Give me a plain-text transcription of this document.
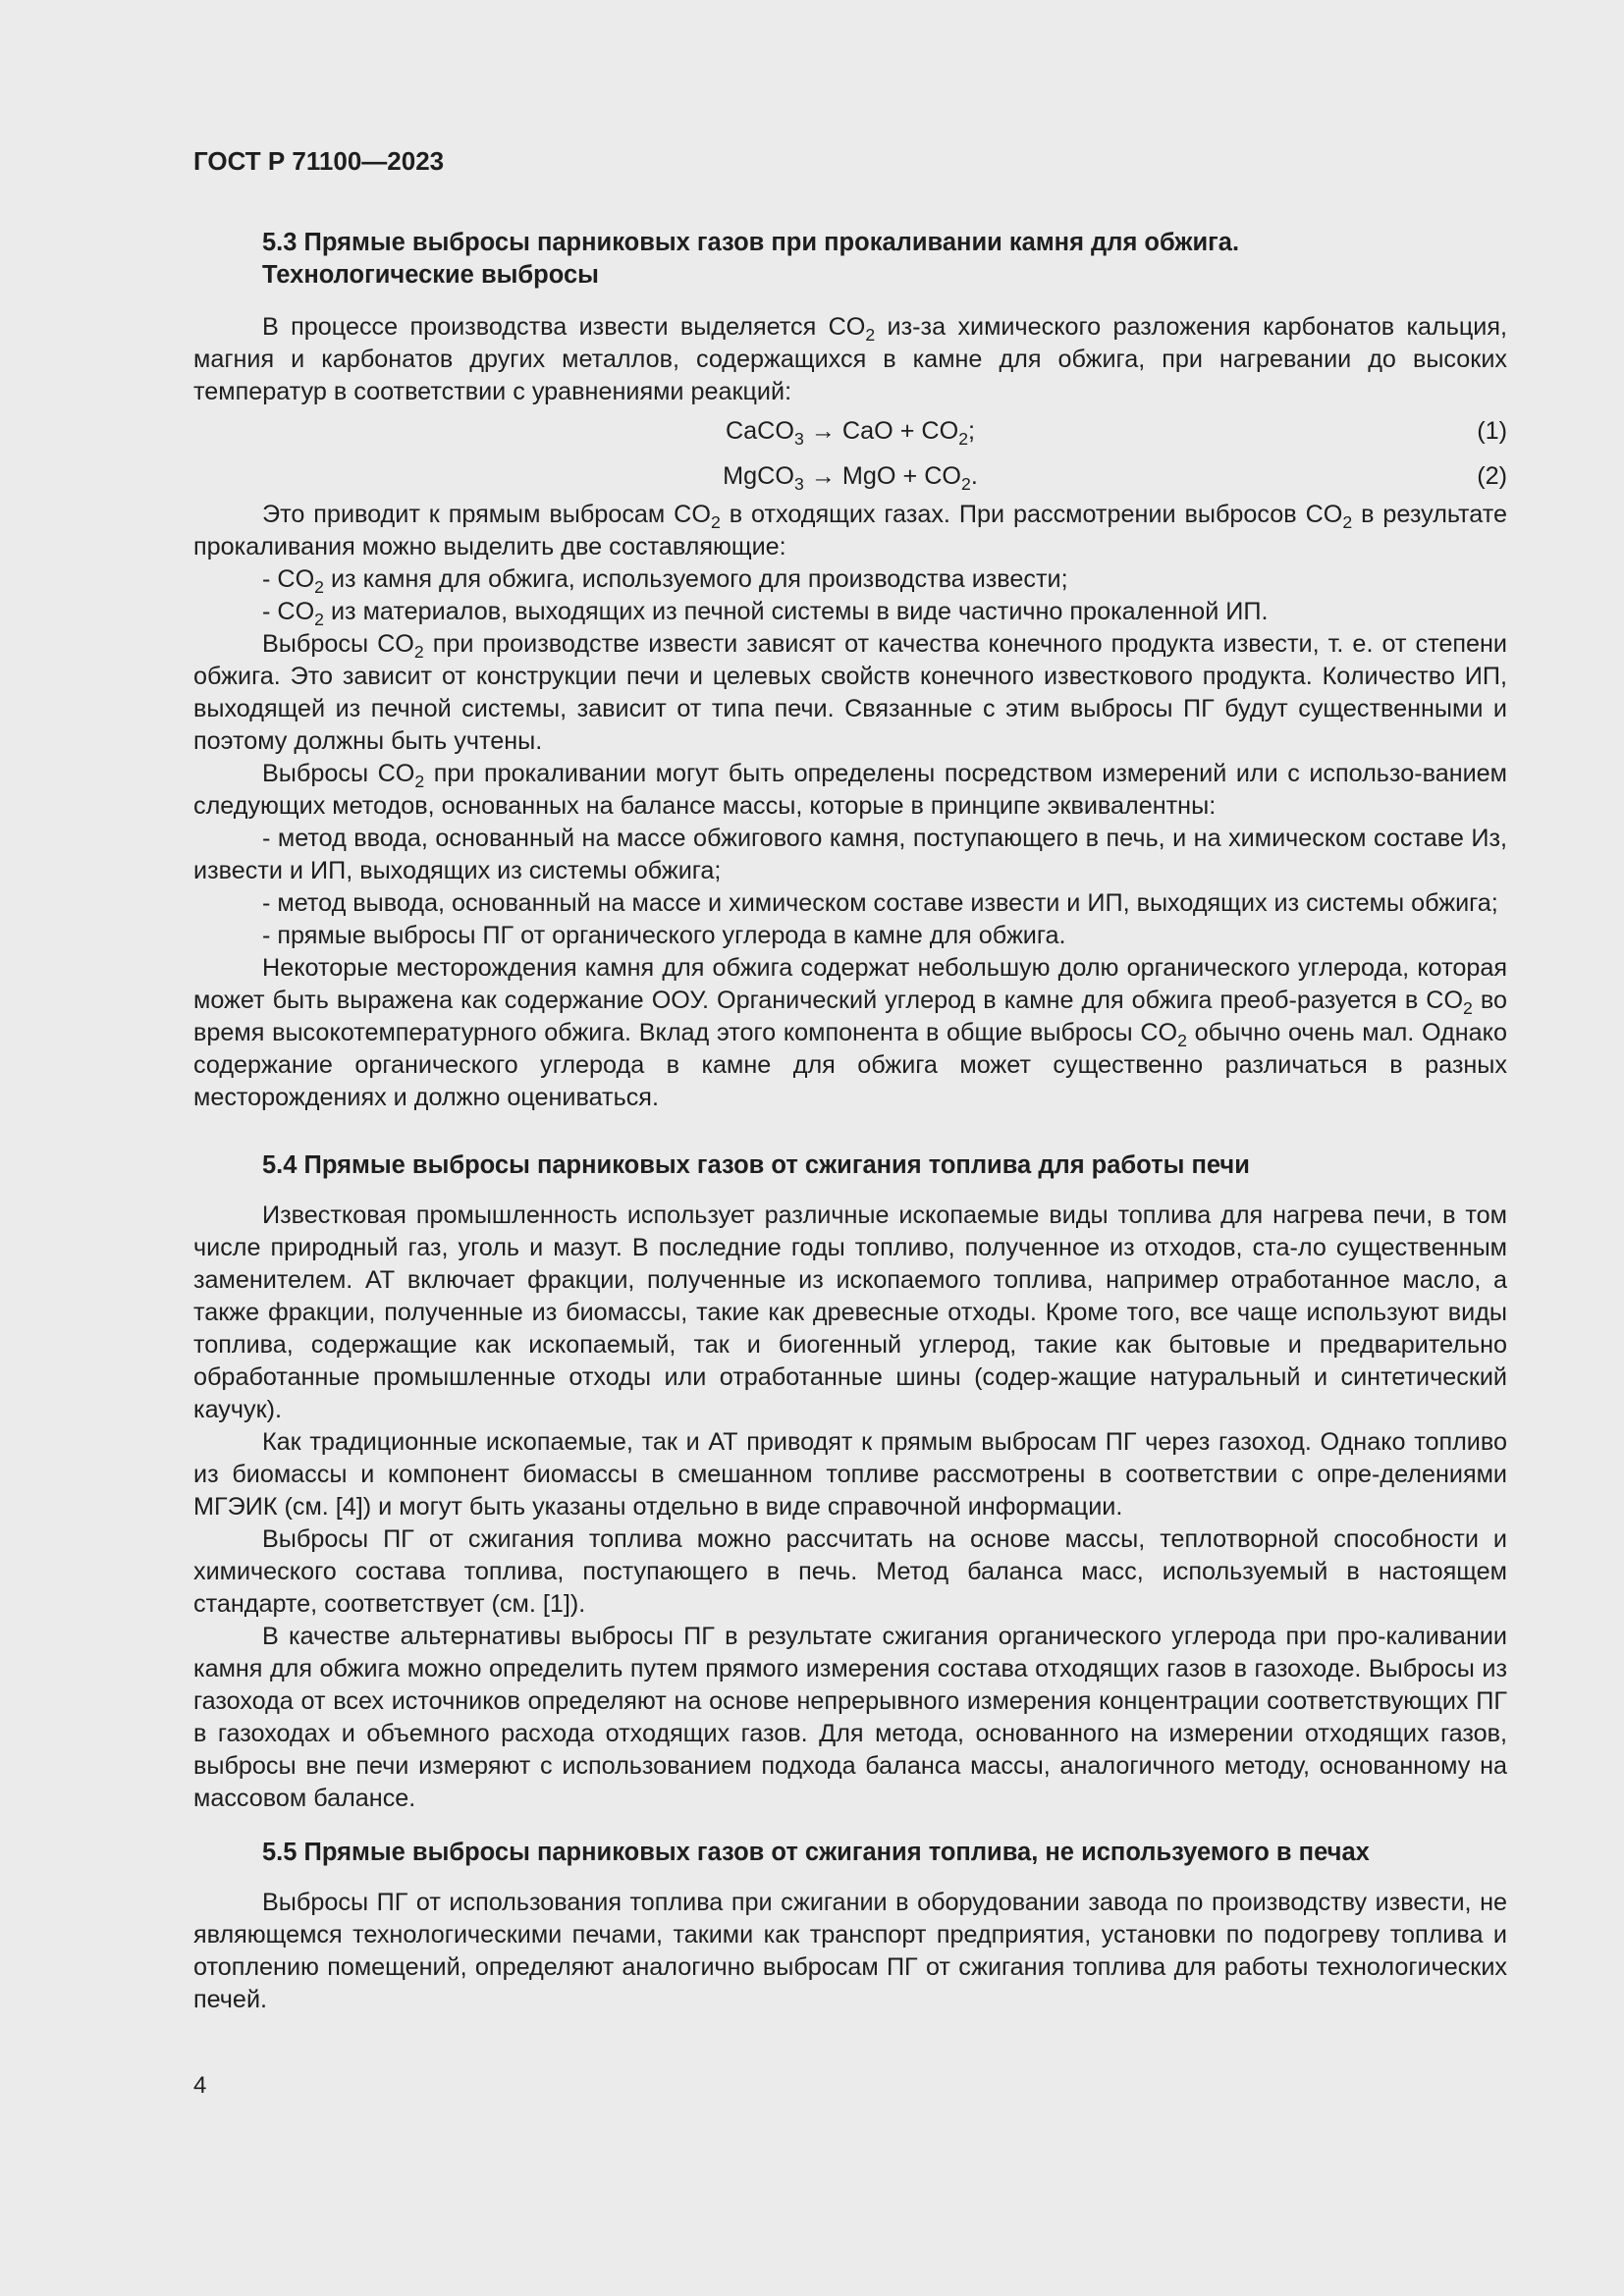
ГОСТ Р 71100—2023
5.3 Прямые выбросы парниковых газов при прокаливании камня для обжига.
Технологические выбросы

В процессе производства извести выделяется $CO_2$ из-за химического разложения карбонатов кальция, магния и карбонатов других металлов, содержащихся в камне для обжига, при нагревании до высоких температур в соответствии с уравнениями реакций:

CaCO$_3$ → CaO + $CO_2$;	(1)
MgCO$_3$ → MgO + $CO_2$.	(2)

Это приводит к прямым выбросам $CO_2$ в отходящих газах. При рассмотрении выбросов $CO_2$ в результате прокаливания можно выделить две составляющие:

- $CO_2$ из камня для обжига, используемого для производства извести;

- $CO_2$ из материалов, выходящих из печной системы в виде частично прокаленной ИП.

Выбросы $CO_2$ при производстве извести зависят от качества конечного продукта извести, т. е. от степени обжига. Это зависит от конструкции печи и целевых свойств конечного известкового продукта. Количество ИП, выходящей из печной системы, зависит от типа печи. Связанные с этим выбросы ПГ будут существенными и поэтому должны быть учтены.

Выбросы $CO_2$ при прокаливании могут быть определены посредством измерений или с использо-ванием следующих методов, основанных на балансе массы, которые в принципе эквивалентны:

- метод ввода, основанный на массе обжигового камня, поступающего в печь, и на химическом составе Из, извести и ИП, выходящих из системы обжига;

- метод вывода, основанный на массе и химическом составе извести и ИП, выходящих из системы обжига;

- прямые выбросы ПГ от органического углерода в камне для обжига.

Некоторые месторождения камня для обжига содержат небольшую долю органического углерода, которая может быть выражена как содержание ООУ. Органический углерод в камне для обжига преоб-разуется в $CO_2$ во время высокотемпературного обжига. Вклад этого компонента в общие выбросы $CO_2$ обычно очень мал. Однако содержание органического углерода в камне для обжига может существенно различаться в разных месторождениях и должно оцениваться.

5.4 Прямые выбросы парниковых газов от сжигания топлива для работы печи

Известковая промышленность использует различные ископаемые виды топлива для нагрева печи, в том числе природный газ, уголь и мазут. В последние годы топливо, полученное из отходов, ста-ло существенным заменителем. АТ включает фракции, полученные из ископаемого топлива, например отработанное масло, а также фракции, полученные из биомассы, такие как древесные отходы. Кроме того, все чаще используют виды топлива, содержащие как ископаемый, так и биогенный углерод, такие как бытовые и предварительно обработанные промышленные отходы или отработанные шины (содер-жащие натуральный и синтетический каучук).

Как традиционные ископаемые, так и АТ приводят к прямым выбросам ПГ через газоход. Однако топливо из биомассы и компонент биомассы в смешанном топливе рассмотрены в соответствии с опре-делениями МГЭИК (см. [4]) и могут быть указаны отдельно в виде справочной информации.

Выбросы ПГ от сжигания топлива можно рассчитать на основе массы, теплотворной способности и химического состава топлива, поступающего в печь. Метод баланса масс, используемый в настоящем стандарте, соответствует (см. [1]).

В качестве альтернативы выбросы ПГ в результате сжигания органического углерода при про-каливании камня для обжига можно определить путем прямого измерения состава отходящих газов в газоходе. Выбросы из газохода от всех источников определяют на основе непрерывного измерения концентрации соответствующих ПГ в газоходах и объемного расхода отходящих газов. Для метода, основанного на измерении отходящих газов, выбросы вне печи измеряют с использованием подхода баланса массы, аналогичного методу, основанному на массовом балансе.

5.5 Прямые выбросы парниковых газов от сжигания топлива, не используемого в печах

Выбросы ПГ от использования топлива при сжигании в оборудовании завода по производству извести, не являющемся технологическими печами, такими как транспорт предприятия, установки по подогреву топлива и отоплению помещений, определяют аналогично выбросам ПГ от сжигания топлива для работы технологических печей.

4
